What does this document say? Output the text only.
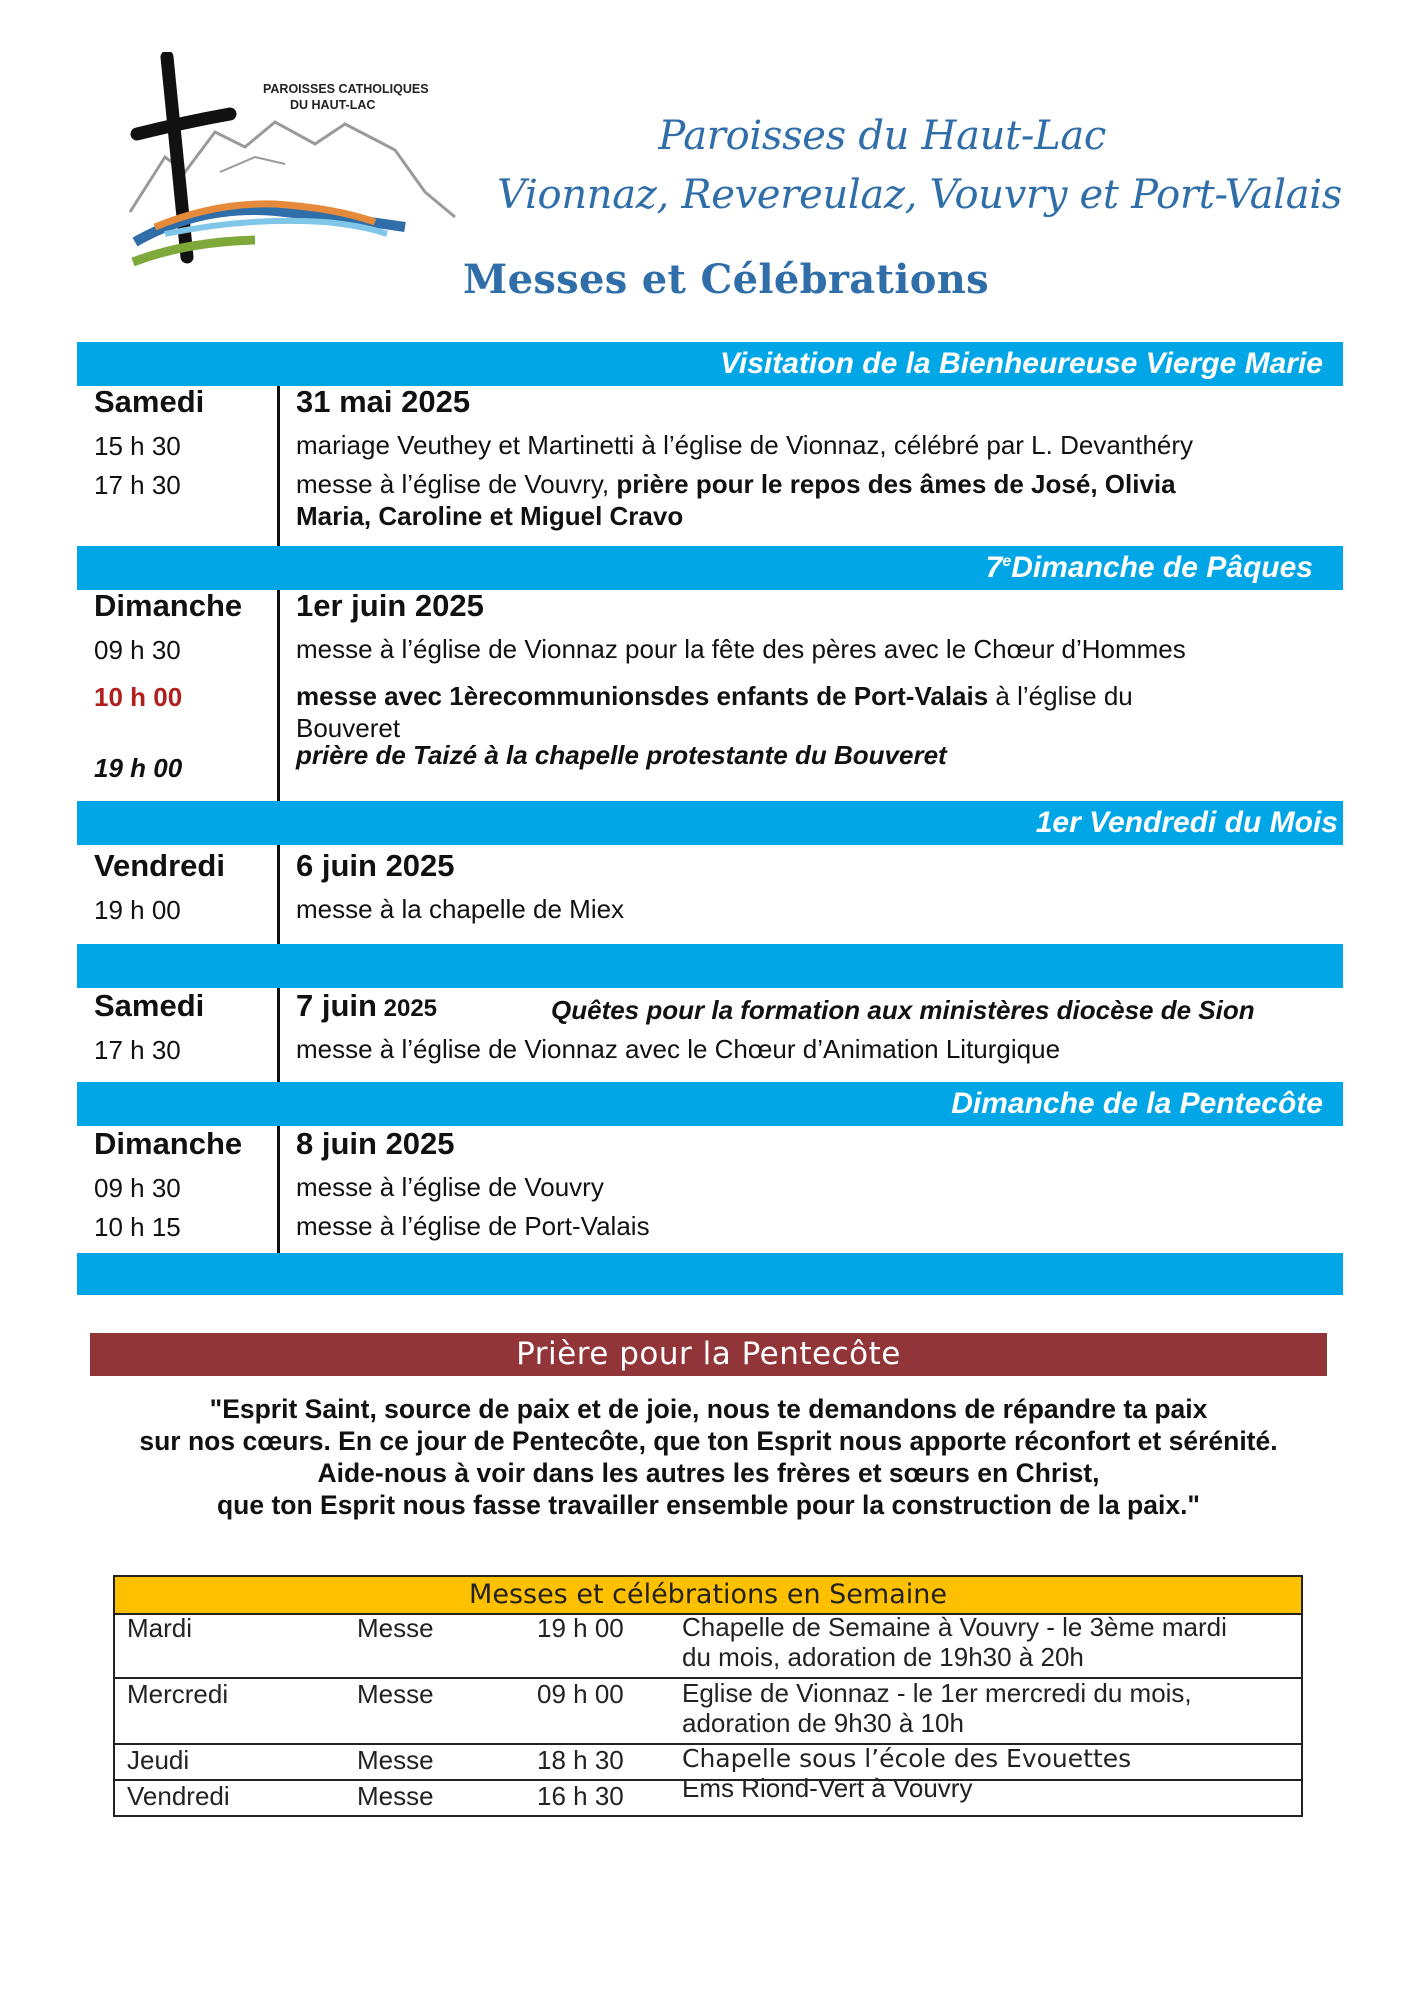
PAROISSES CATHOLIQUES
DU HAUT-LAC
Paroisses du Haut-Lac
Vionnaz, Revereulaz, Vouvry et Port-Valais
Messes et Célébrations
Visitation de la Bienheureuse Vierge Marie
Samedi	31 mai 2025
15 h 30	mariage Veuthey et Martinetti à l’église de Vionnaz, célébré par L. Devanthéry
17 h 30	messe à l’église de Vouvry, prière pour le repos des âmes de José, Olivia
Maria, Caroline et Miguel Cravo
7eDimanche de Pâques
Dimanche 1er juin 2025
09 h 30	messe à l’église de Vionnaz pour la fête des pères avec le Chœur d’Hommes
10 h 00	messe avec 1èrecommunionsdes enfants de Port-Valais à l’église du
Bouveret
19 h 00	prière de Taizé à la chapelle protestante du Bouveret
1er Vendredi du Mois
Vendredi 6 juin 2025
19 h 00	messe à la chapelle de Miex
Samedi	7 juin 2025	Quêtes pour la formation aux ministères diocèse de Sion
17 h 30	messe à l’église de Vionnaz avec le Chœur d’Animation Liturgique
Dimanche de la Pentecôte
Dimanche 8 juin 2025
09 h 30	messe à l’église de Vouvry
10 h 15	messe à l’église de Port-Valais
Prière pour la Pentecôte
"Esprit Saint, source de paix et de joie, nous te demandons de répandre ta paix
sur nos cœurs. En ce jour de Pentecôte, que ton Esprit nous apporte réconfort et sérénité.
Aide-nous à voir dans les autres les frères et sœurs en Christ,
que ton Esprit nous fasse travailler ensemble pour la construction de la paix."
Messes et célébrations en Semaine
Mardi	Messe	19 h 00 Chapelle de Semaine à Vouvry - le 3ème mardi
du mois, adoration de 19h30 à 20h
Mercredi	Messe	09 h 00 Eglise de Vionnaz - le 1er mercredi du mois,
adoration de 9h30 à 10h
Jeudi	Messe	18 h 30 Chapelle sous l’école des Evouettes
Vendredi	Messe	16 h 30 Ems Riond-Vert à Vouvry
